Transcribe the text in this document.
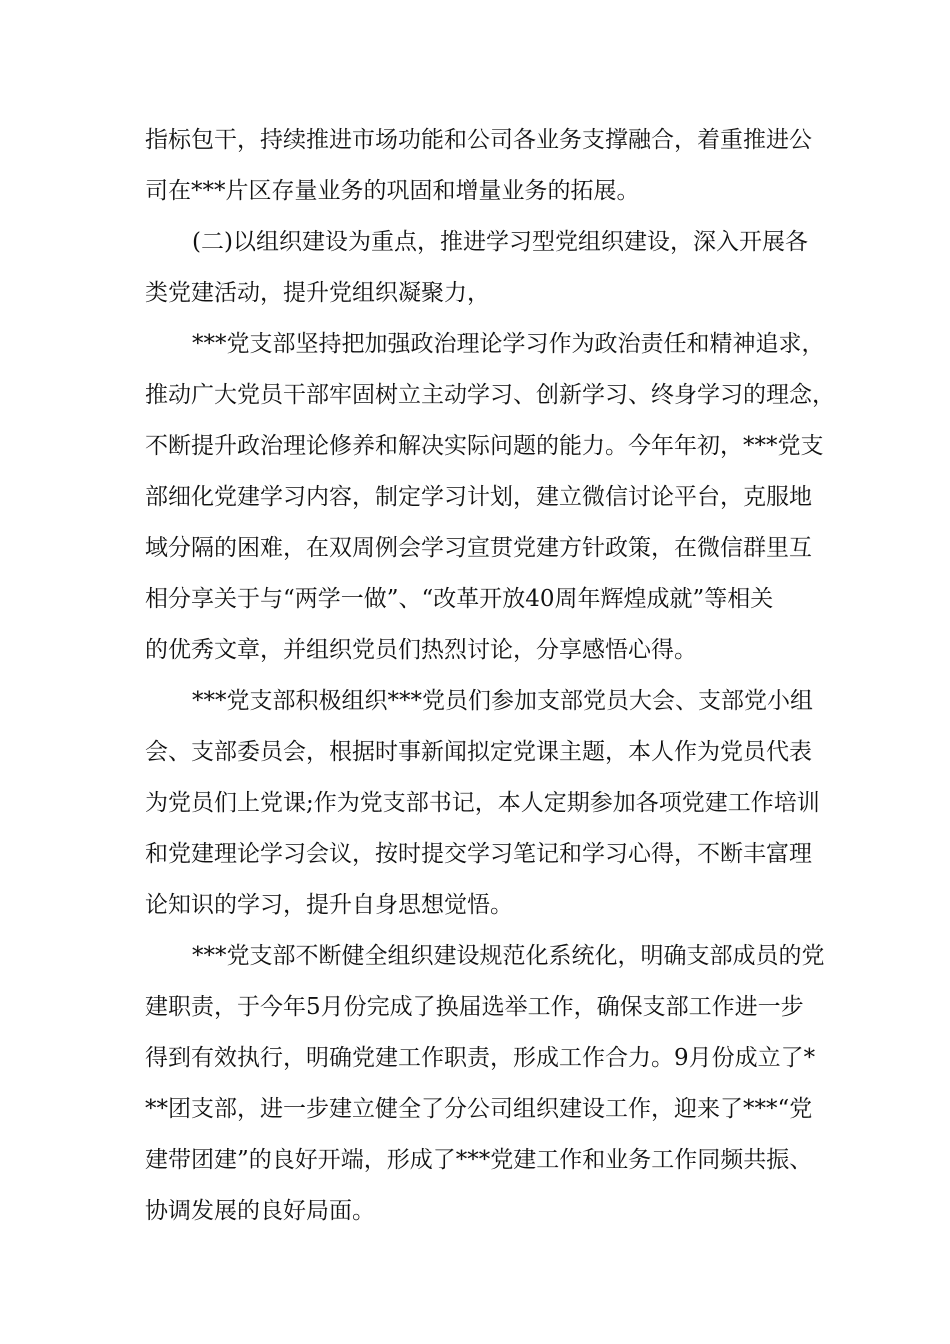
指标包干，持续推进市场功能和公司各业务支撑融合，着重推进公
司在***片区存量业务的巩固和增量业务的拓展。
(二)以组织建设为重点，推进学习型党组织建设，深入开展各
类党建活动，提升党组织凝聚力，
***党支部坚持把加强政治理论学习作为政治责任和精神追求，
推动广大党员干部牢固树立主动学习、创新学习、终身学习的理念，
不断提升政治理论修养和解决实际问题的能力。今年年初，***党支
部细化党建学习内容，制定学习计划，建立微信讨论平台，克服地
域分隔的困难，在双周例会学习宣贯党建方针政策，在微信群里互
相分享关于与“两学一做”、“改革开放40周年辉煌成就”等相关
的优秀文章，并组织党员们热烈讨论，分享感悟心得。
***党支部积极组织***党员们参加支部党员大会、支部党小组
会、支部委员会，根据时事新闻拟定党课主题，本人作为党员代表
为党员们上党课;作为党支部书记，本人定期参加各项党建工作培训
和党建理论学习会议，按时提交学习笔记和学习心得，不断丰富理
论知识的学习，提升自身思想觉悟。
***党支部不断健全组织建设规范化系统化，明确支部成员的党
建职责，于今年5月份完成了换届选举工作，确保支部工作进一步
得到有效执行，明确党建工作职责，形成工作合力。9月份成立了*
**团支部，进一步建立健全了分公司组织建设工作，迎来了***“党
建带团建”的良好开端，形成了***党建工作和业务工作同频共振、
协调发展的良好局面。
